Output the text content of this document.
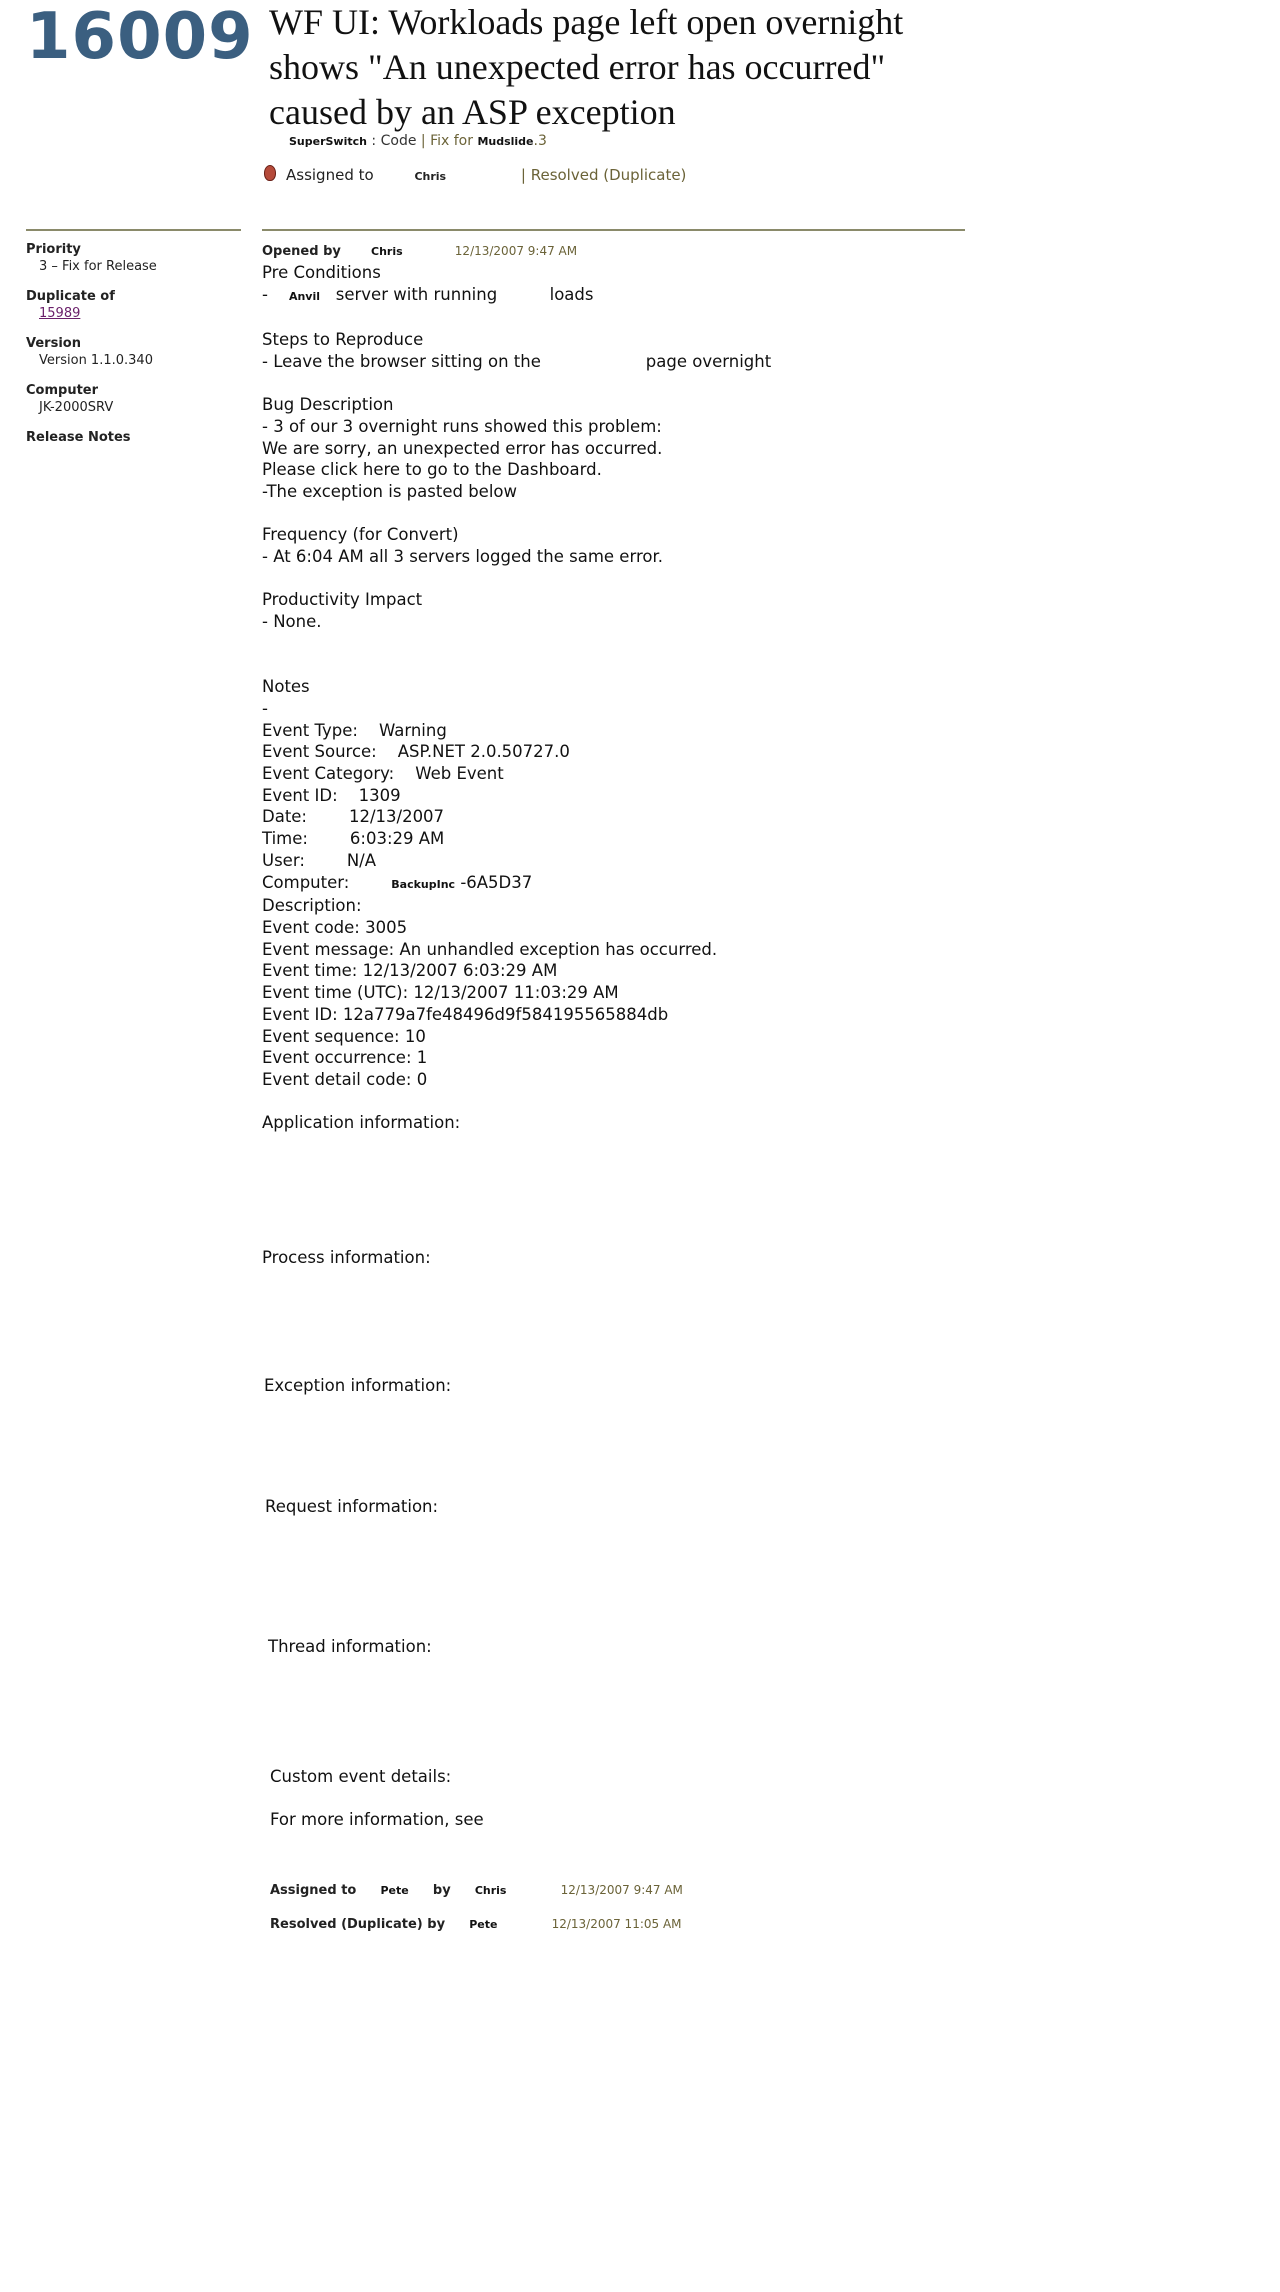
16009 WF UI: Workloads page left open overnight shows "An unexpected error has occurred" caused by an ASP exception
SuperSwitch : Code | Fix for Mudslide.3
Assigned to	Chris	| Resolved (Duplicate)

Priority

3 – Fix for Release

Duplicate of

15989

Version

Version 1.1.0.340

Computer

JK-2000SRV

Release Notes

Opened by	Chris	12/13/2007 9:47 AM
Pre Conditions
- Anvil server with running	loads
Steps to Reproduce
- Leave the browser sitting on the	page overnight
Bug Description
- 3 of our 3 overnight runs showed this problem:
We are sorry, an unexpected error has occurred.
Please click here to go to the Dashboard.
-The exception is pasted below
Frequency (for Convert)
- At 6:04 AM all 3 servers logged the same error.
Productivity Impact
- None.
Notes
-
Event Type:    Warning
Event Source:    ASP.NET 2.0.50727.0
Event Category:    Web Event
Event ID:    1309
Date:        12/13/2007
Time:        6:03:29 AM
User:        N/A
Computer:	BackupInc -6A5D37
Description:
Event code: 3005
Event message: An unhandled exception has occurred.
Event time: 12/13/2007 6:03:29 AM
Event time (UTC): 12/13/2007 11:03:29 AM
Event ID: 12a779a7fe48496d9f584195565884db
Event sequence: 10
Event occurrence: 1
Event detail code: 0
Application information:
Process information:
Exception information:
Request information:
Thread information:
Custom event details:
For more information, see
Assigned to Pete by Chris	12/13/2007 9:47 AM
Resolved (Duplicate) by Pete	12/13/2007 11:05 AM
